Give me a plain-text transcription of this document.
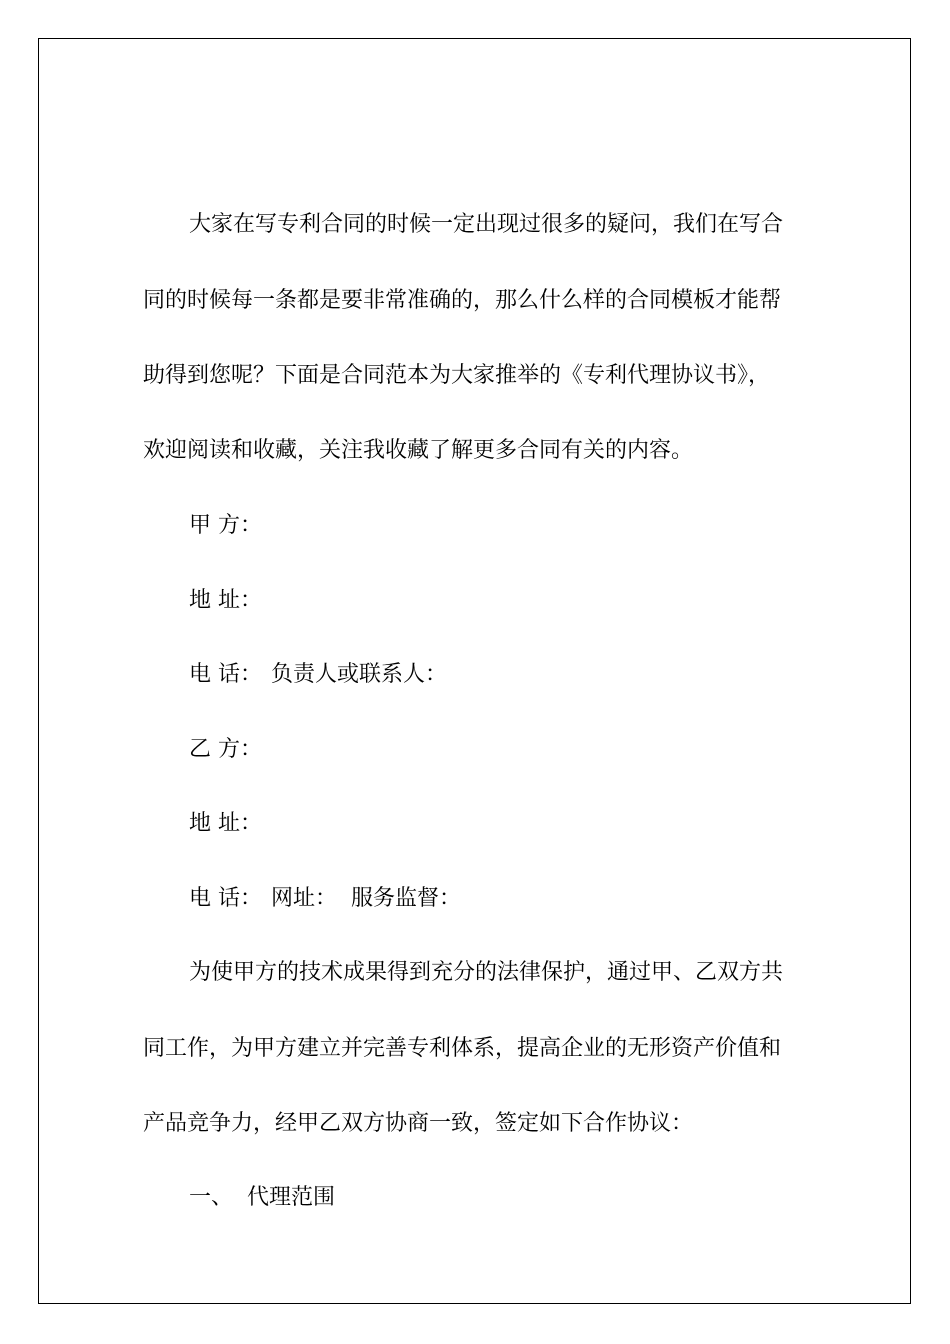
大家在写专利合同的时候一定出现过很多的疑问，我们在写合

同的时候每一条都是要非常准确的，那么什么样的合同模板才能帮

助得到您呢？下面是合同范本为大家推举的《专利代理协议书》，

欢迎阅读和收藏，关注我收藏了解更多合同有关的内容。

甲 方：

地 址：

电 话： 负责人或联系人：

乙 方：

地 址：

电 话： 网址： 服务监督：

为使甲方的技术成果得到充分的法律保护，通过甲、乙双方共

同工作，为甲方建立并完善专利体系，提高企业的无形资产价值和

产品竞争力，经甲乙双方协商一致，签定如下合作协议：

一、 代理范围
